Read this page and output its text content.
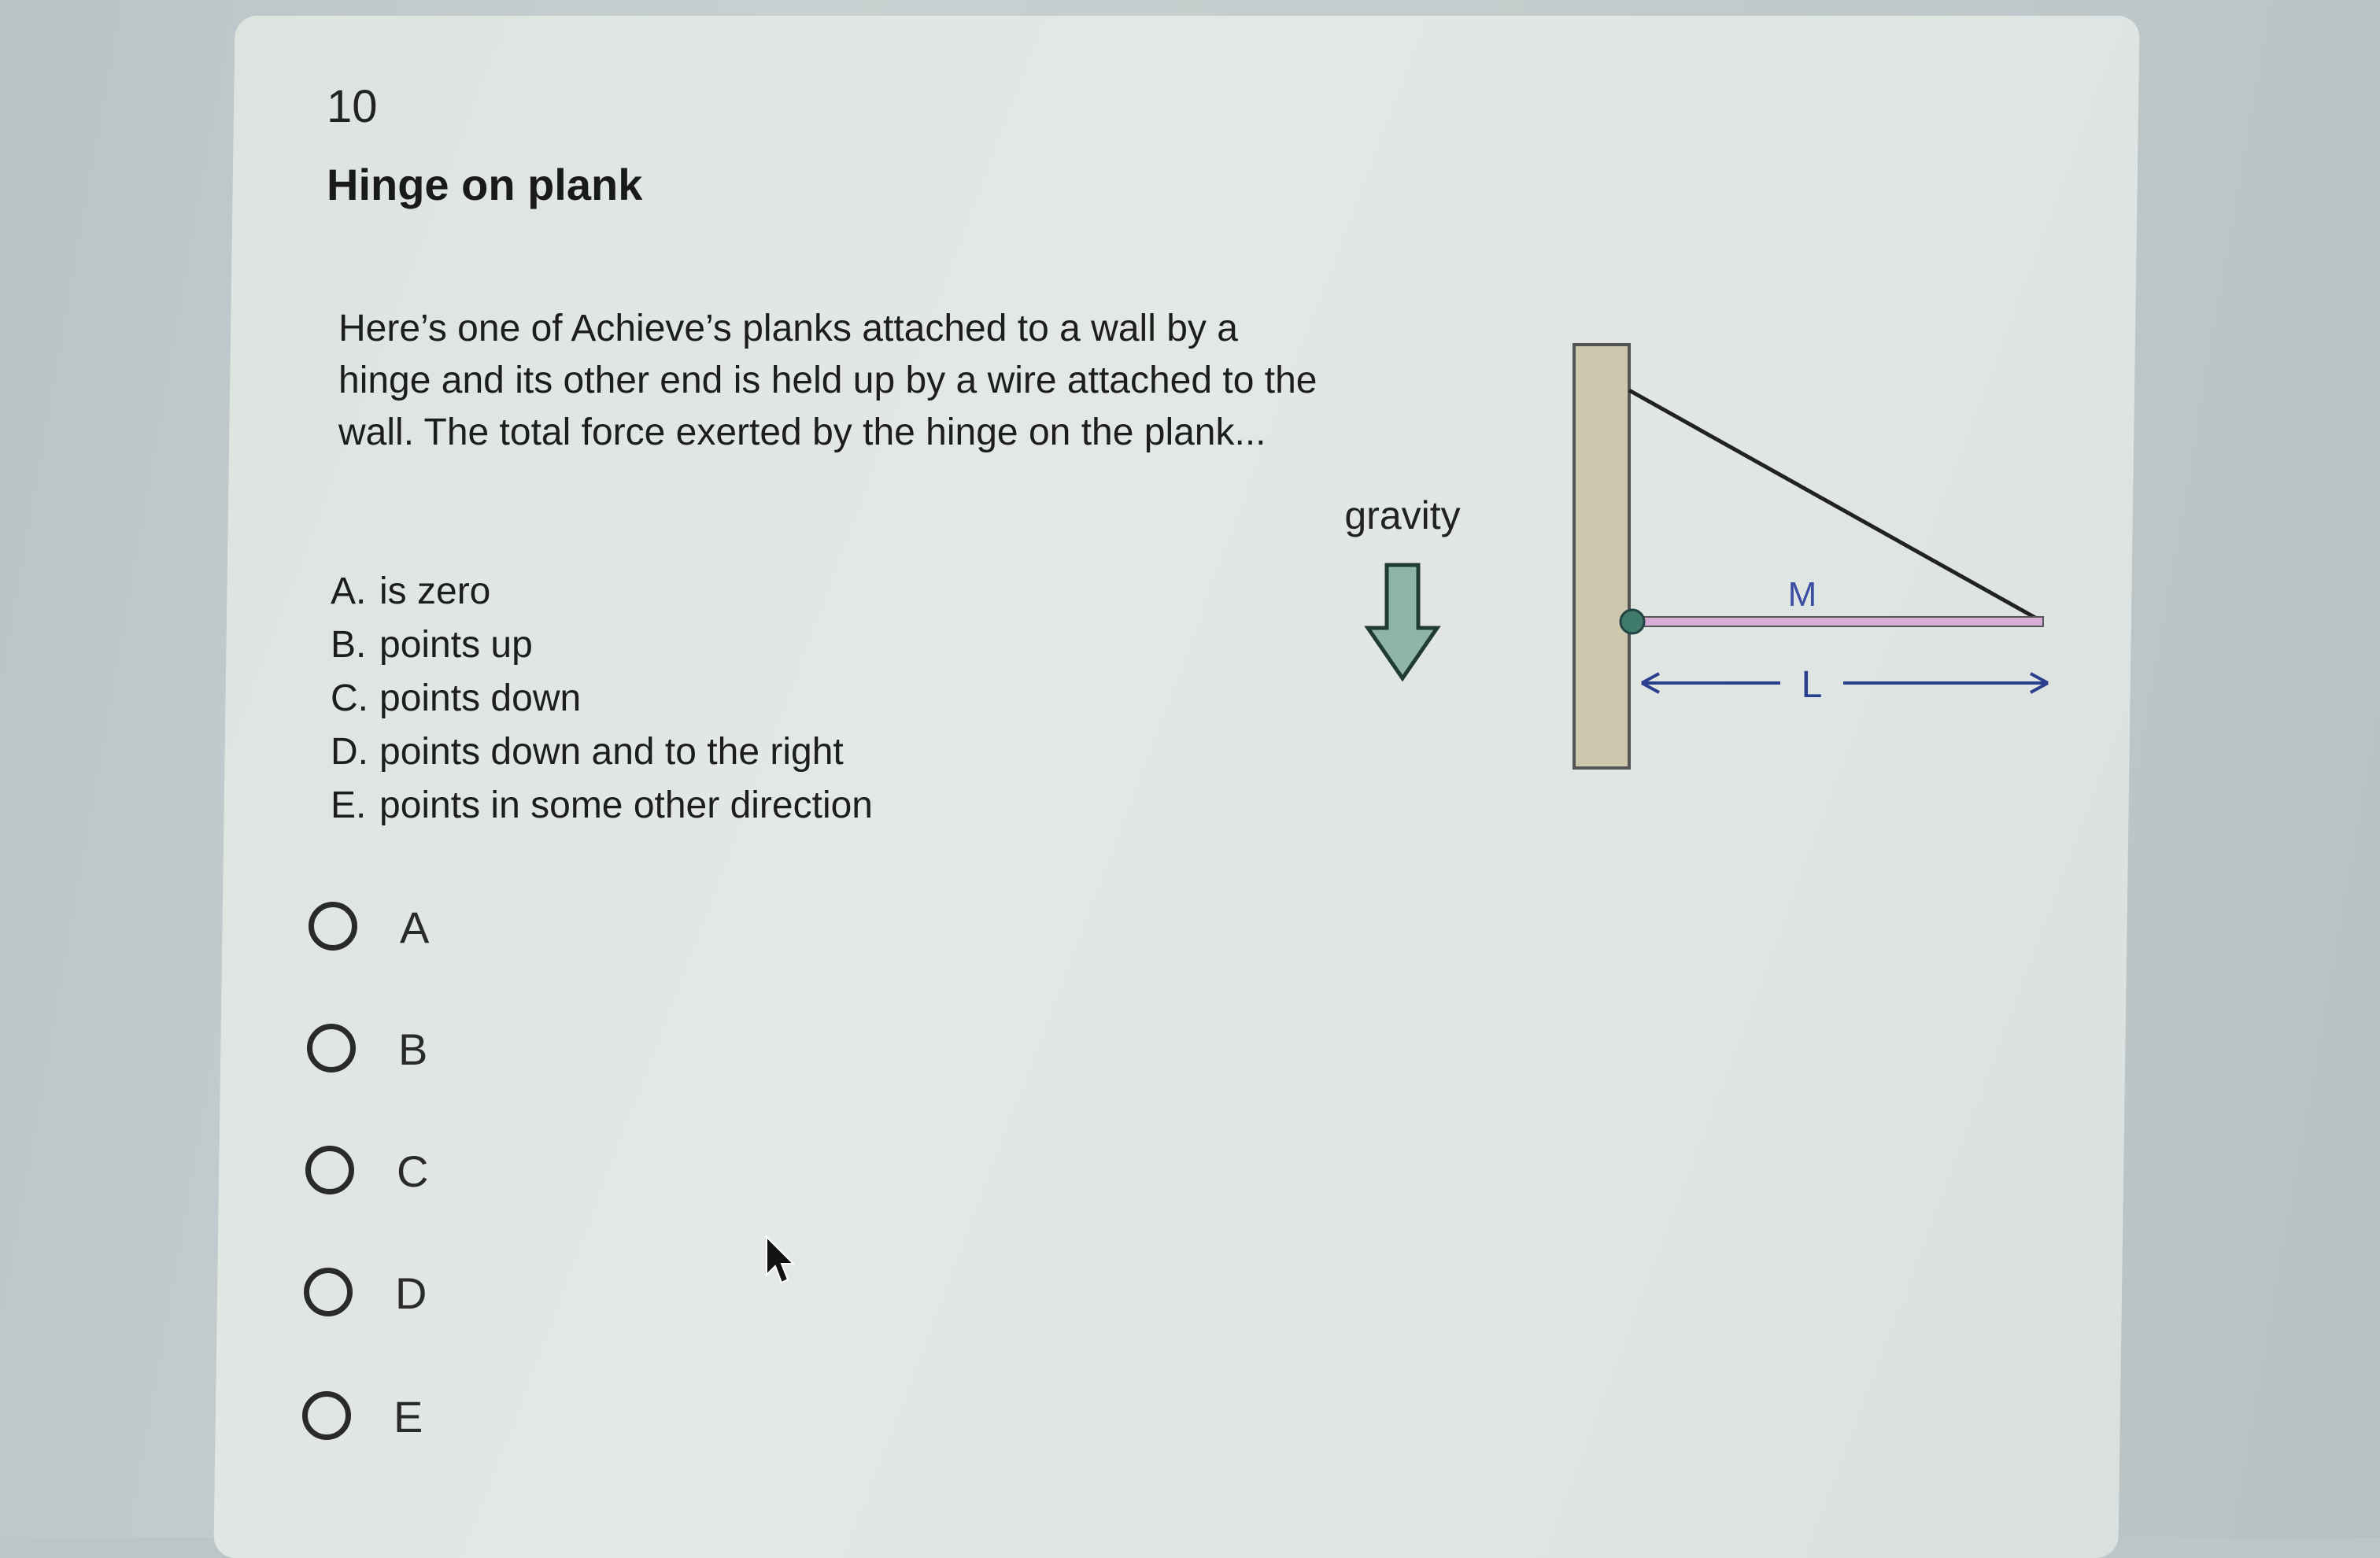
10
Hinge on plank
Here’s one of Achieve’s planks attached to a wall by a hinge and its other end is held up by a wire attached to the wall. The total force exerted by the hinge on the plank...
A. is zero
B. points up
C. points down
D. points down and to the right
E. points in some other direction
A
B
C
D
E
gravity
M
L
